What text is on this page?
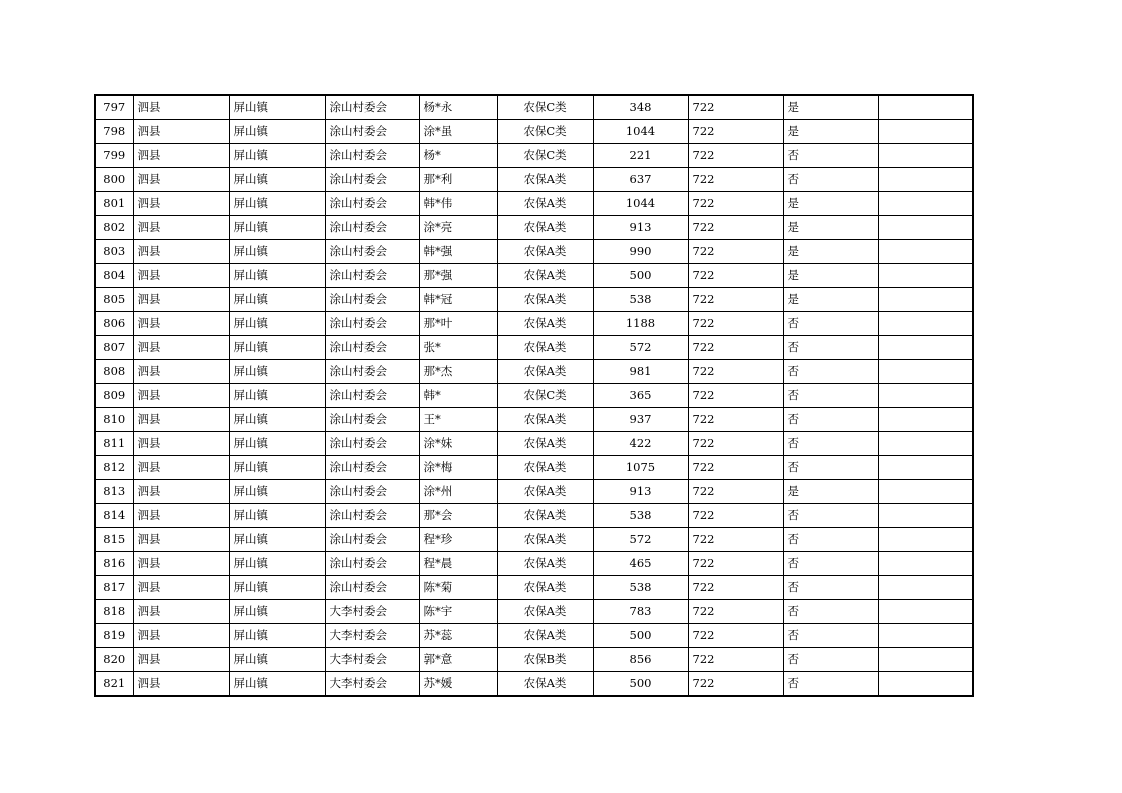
797	泗县	屏山镇	涂山村委会	杨*永	农保C类	348	722	是	
798	泗县	屏山镇	涂山村委会	涂*虽	农保C类	1044	722	是	
799	泗县	屏山镇	涂山村委会	杨*	农保C类	221	722	否	
800	泗县	屏山镇	涂山村委会	那*利	农保A类	637	722	否	
801	泗县	屏山镇	涂山村委会	韩*伟	农保A类	1044	722	是	
802	泗县	屏山镇	涂山村委会	涂*亮	农保A类	913	722	是	
803	泗县	屏山镇	涂山村委会	韩*强	农保A类	990	722	是	
804	泗县	屏山镇	涂山村委会	那*强	农保A类	500	722	是	
805	泗县	屏山镇	涂山村委会	韩*冠	农保A类	538	722	是	
806	泗县	屏山镇	涂山村委会	那*叶	农保A类	1188	722	否	
807	泗县	屏山镇	涂山村委会	张*	农保A类	572	722	否	
808	泗县	屏山镇	涂山村委会	那*杰	农保A类	981	722	否	
809	泗县	屏山镇	涂山村委会	韩*	农保C类	365	722	否	
810	泗县	屏山镇	涂山村委会	王*	农保A类	937	722	否	
811	泗县	屏山镇	涂山村委会	涂*妹	农保A类	422	722	否	
812	泗县	屏山镇	涂山村委会	涂*梅	农保A类	1075	722	否	
813	泗县	屏山镇	涂山村委会	涂*州	农保A类	913	722	是	
814	泗县	屏山镇	涂山村委会	那*会	农保A类	538	722	否	
815	泗县	屏山镇	涂山村委会	程*珍	农保A类	572	722	否	
816	泗县	屏山镇	涂山村委会	程*晨	农保A类	465	722	否	
817	泗县	屏山镇	涂山村委会	陈*菊	农保A类	538	722	否	
818	泗县	屏山镇	大李村委会	陈*宇	农保A类	783	722	否	
819	泗县	屏山镇	大李村委会	苏*蕊	农保A类	500	722	否	
820	泗县	屏山镇	大李村委会	郭*意	农保B类	856	722	否	
821	泗县	屏山镇	大李村委会	苏*媛	农保A类	500	722	否	
